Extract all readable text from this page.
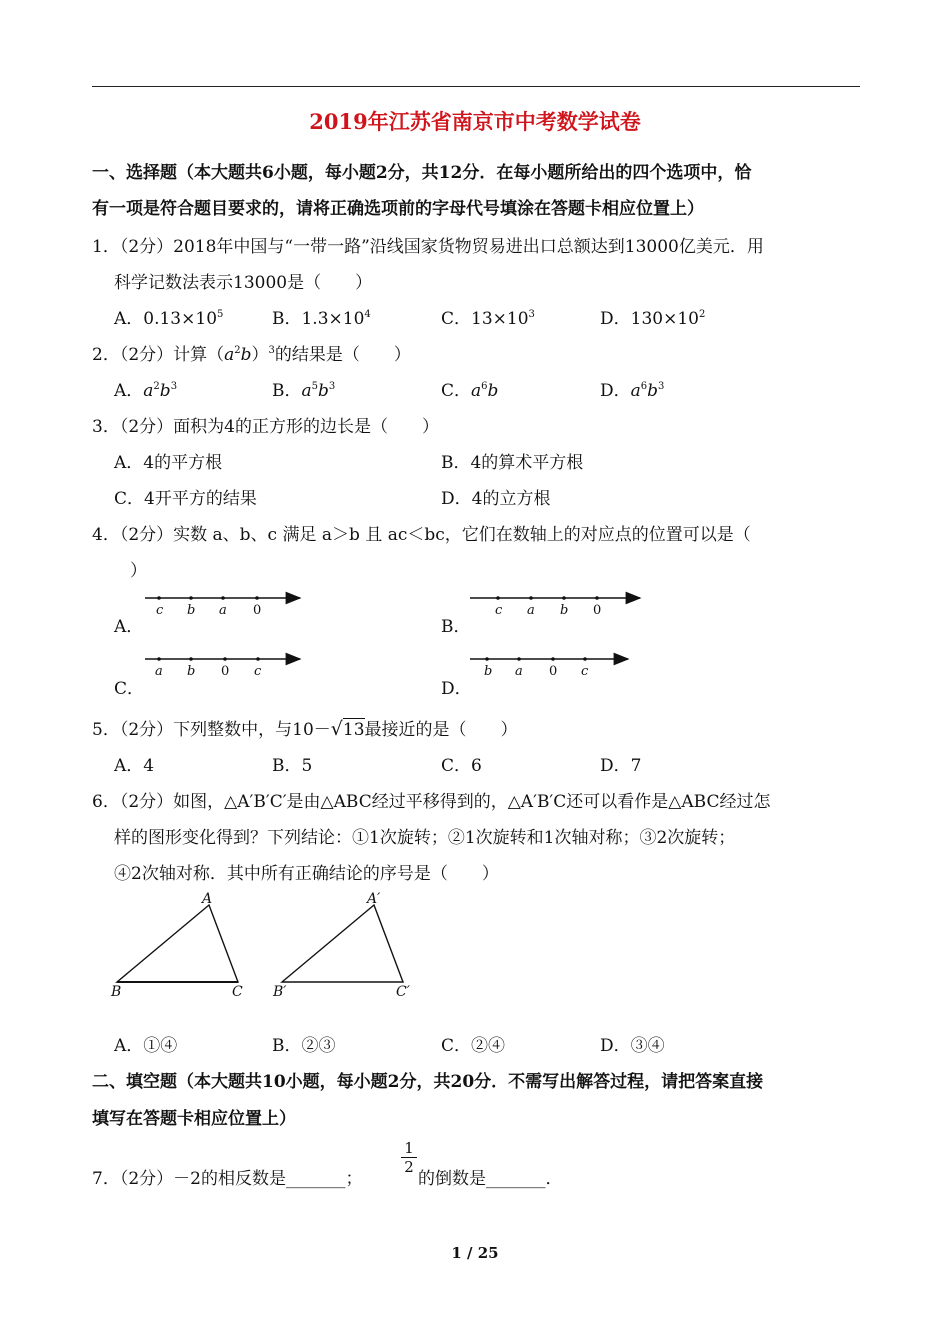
2019年江苏省南京市中考数学试卷
一、选择题（本大题共6小题，每小题2分，共12分．在每小题所给出的四个选项中，恰
有一项是符合题目要求的，请将正确选项前的字母代号填涂在答题卡相应位置上）
1．（2分）2018年中国与“一带一路”沿线国家货物贸易进出口总额达到13000亿美元．用
科学记数法表示13000是（　　）
A．$0.13\times 10^5$	B．$1.3\times 10^4$	C．$13\times 10^3$	D．$130\times 10^2$
2．（2分）计算$(a^2b)^3$的结果是（　　）
A．$a^2b^3$	B．$a^5b^3$	C．$a^6b$	D．$a^6b^3$
3．（2分）面积为4的正方形的边长是（　　）
A．4的平方根	B．4的算术平方根
C．4开平方的结果	D．4的立方根
4．（2分）实数 a、b、c 满足 a＞b 且 ac＜bc，它们在数轴上的对应点的位置可以是（
）
A．	B．
C．	D．
c b a 0	c a b 0
a b 0 c	b a 0 c
5．（2分）下列整数中，与10－√13最接近的是（　　）
A．4	B．5	C．6	D．7
6．（2分）如图，△A′B′C′是由△ABC经过平移得到的，△A′B′C还可以看作是△ABC经过怎
样的图形变化得到？下列结论：①1次旋转；②1次旋转和1次轴对称；③2次旋转；
④2次轴对称．其中所有正确结论的序号是（　　）
A
B	C
A′
B′	C′
A．①④	B．②③	C．②④	D．③④
二、填空题（本大题共10小题，每小题2分，共20分．不需写出解答过程，请把答案直接
填写在答题卡相应位置上）
7．（2分）－2的相反数是_______；
$\frac{1}{2}$
的倒数是_______．
1 / 25
